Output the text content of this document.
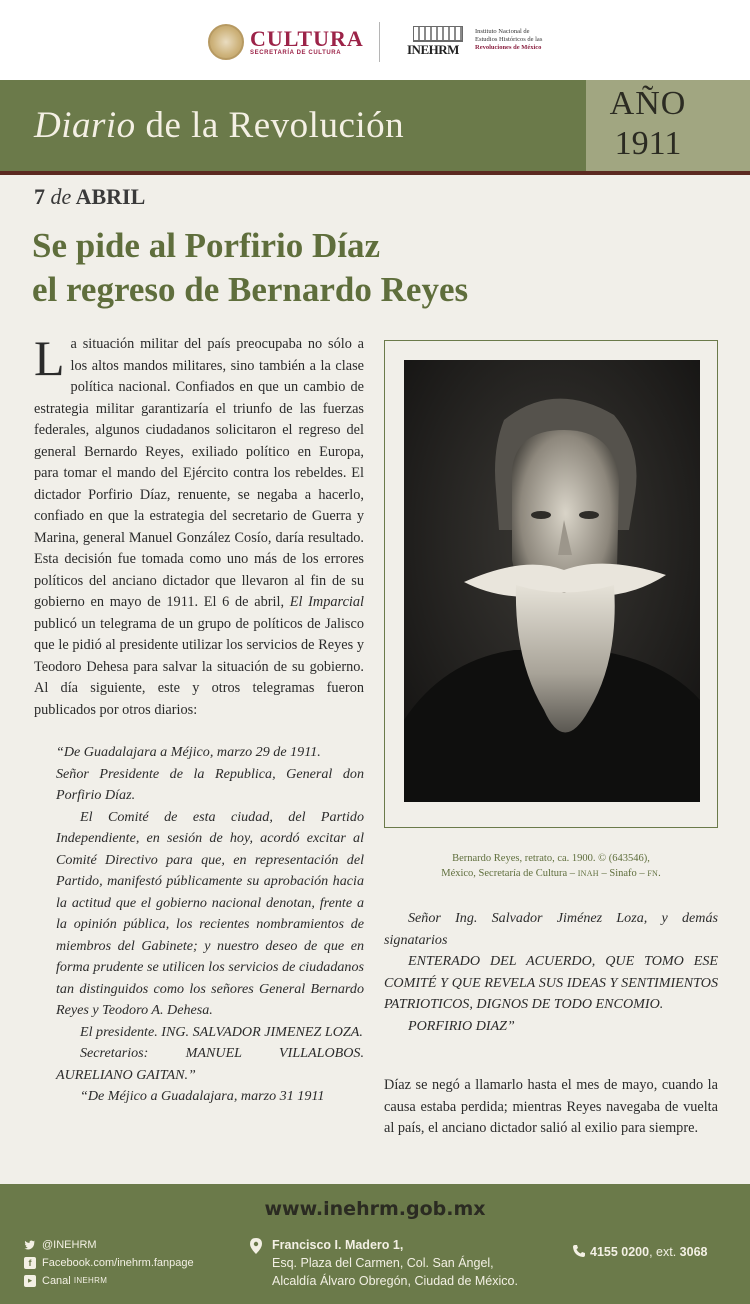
CULTURA
SECRETARÍA DE CULTURA	INEHRM
Instituto Nacional de
Estudios Históricos de las
Revoluciones de México
Diario de la Revolución
AÑO
1911
7 de ABRIL
Se pide al Porfirio Díaz
el regreso de Bernardo Reyes
La situación militar del país preocupaba no sólo a los altos mandos militares, sino también a la clase política nacional. Confiados en que un cambio de estrategia militar garantizaría el triunfo de las fuerzas federales, algunos ciudadanos solicitaron el regreso del general Bernardo Reyes, exiliado político en Europa, para tomar el mando del Ejército contra los rebeldes. El dictador Porfirio Díaz, renuente, se negaba a hacerlo, confiado en que la estrategia del secretario de Guerra y Marina, general Manuel González Cosío, daría resultado. Esta decisión fue tomada como uno más de los errores políticos del anciano dictador que llevaron al fin de su gobierno en mayo de 1911. El 6 de abril, El Imparcial publicó un telegrama de un grupo de políticos de Jalisco que le pidió al presidente utilizar los servicios de Reyes y Teodoro Dehesa para salvar la situación de su gobierno. Al día siguiente, este y otros telegramas fueron publicados por otros diarios:

“De Guadalajara a Méjico, marzo 29 de 1911.

Señor Presidente de la Republica, General don Porfirio Díaz.

El Comité de esta ciudad, del Partido Independiente, en sesión de hoy, acordó excitar al Comité Directivo para que, en representación del Partido, manifestó públicamente su aprobación hacia la actitud que el gobierno nacional denotan, frente a la opinión pública, los recientes nombramientos de miembros del Gabinete; y nuestro deseo de que en forma prudente se utilicen los servicios de ciudadanos tan distinguidos como los señores General Bernardo Reyes y Teodoro A. Dehesa.

El presidente. ING. SALVADOR JIMENEZ LOZA.

Secretarios: MANUEL VILLALOBOS. AURELIANO GAITAN.”

“De Méjico a Guadalajara, marzo 31 1911

Bernardo Reyes, retrato, ca. 1900. © (643546),
México, Secretaría de Cultura – INAH – Sinafo – FN.

Señor Ing. Salvador Jiménez Loza, y demás signatarios

ENTERADO DEL ACUERDO, QUE TOMO ESE COMITÉ Y QUE REVELA SUS IDEAS Y SENTIMIENTOS PATRIOTICOS, DIGNOS DE TODO ENCOMIO.

PORFIRIO DIAZ”

Díaz se negó a llamarlo hasta el mes de mayo, cuando la causa estaba perdida; mientras Reyes navegaba de vuelta al país, el anciano dictador salió al exilio para siempre.
www.inehrm.gob.mx
@INEHRM
f Facebook.com/inehrm.fanpage
▶ Canal
INEHRM
Francisco I. Madero 1,
Esq. Plaza del Carmen, Col. San Ángel,
Alcaldía Álvaro Obregón, Ciudad de México.
4155 0200, ext. 3068
